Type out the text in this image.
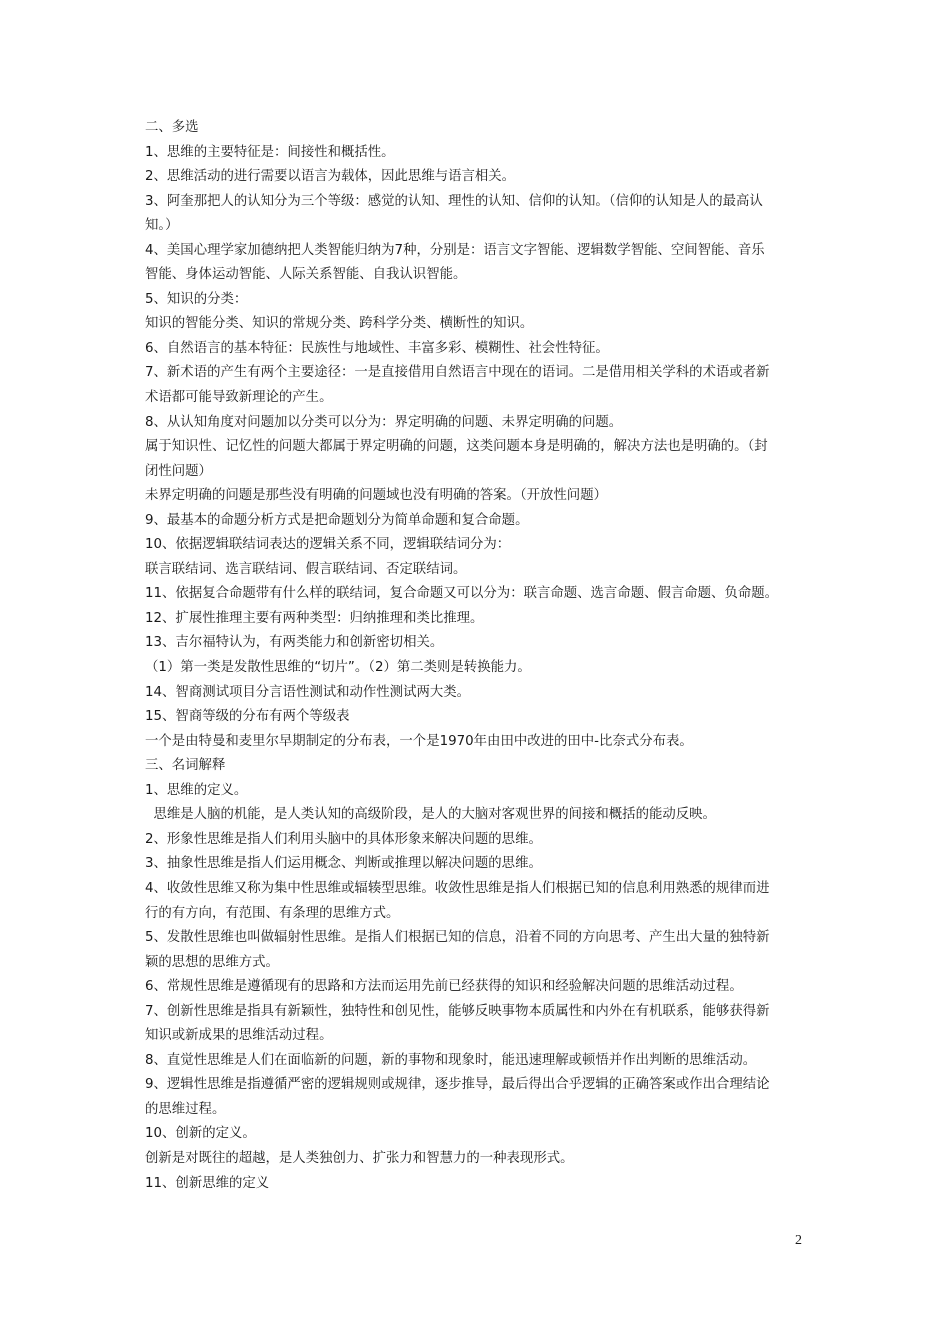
二、多选
1、思维的主要特征是：间接性和概括性。
2、思维活动的进行需要以语言为载体，因此思维与语言相关。
3、阿奎那把人的认知分为三个等级：感觉的认知、理性的认知、信仰的认知。（信仰的认知是人的最高认
知。）
4、美国心理学家加德纳把人类智能归纳为7种，分别是：语言文字智能、逻辑数学智能、空间智能、音乐
智能、身体运动智能、人际关系智能、自我认识智能。
5、知识的分类：
知识的智能分类、知识的常规分类、跨科学分类、横断性的知识。
6、自然语言的基本特征：民族性与地域性、丰富多彩、模糊性、社会性特征。
7、新术语的产生有两个主要途径：一是直接借用自然语言中现在的语词。二是借用相关学科的术语或者新
术语都可能导致新理论的产生。
8、从认知角度对问题加以分类可以分为：界定明确的问题、未界定明确的问题。
属于知识性、记忆性的问题大都属于界定明确的问题，这类问题本身是明确的，解决方法也是明确的。（封
闭性问题）
未界定明确的问题是那些没有明确的问题域也没有明确的答案。（开放性问题）
9、最基本的命题分析方式是把命题划分为简单命题和复合命题。
10、依据逻辑联结词表达的逻辑关系不同，逻辑联结词分为：
联言联结词、选言联结词、假言联结词、否定联结词。
11、依据复合命题带有什么样的联结词，复合命题又可以分为：联言命题、选言命题、假言命题、负命题。
12、扩展性推理主要有两种类型：归纳推理和类比推理。
13、吉尔福特认为，有两类能力和创新密切相关。
（1）第一类是发散性思维的“切片”。（2）第二类则是转换能力。
14、智商测试项目分言语性测试和动作性测试两大类。
15、智商等级的分布有两个等级表
一个是由特曼和麦里尔早期制定的分布表，一个是1970年由田中改进的田中-比奈式分布表。
三、名词解释
1、思维的定义。
思维是人脑的机能，是人类认知的高级阶段，是人的大脑对客观世界的间接和概括的能动反映。
2、形象性思维是指人们利用头脑中的具体形象来解决问题的思维。
3、抽象性思维是指人们运用概念、判断或推理以解决问题的思维。
4、收敛性思维又称为集中性思维或辐辏型思维。收敛性思维是指人们根据已知的信息利用熟悉的规律而进
行的有方向，有范围、有条理的思维方式。
5、发散性思维也叫做辐射性思维。是指人们根据已知的信息，沿着不同的方向思考、产生出大量的独特新
颖的思想的思维方式。
6、常规性思维是遵循现有的思路和方法而运用先前已经获得的知识和经验解决问题的思维活动过程。
7、创新性思维是指具有新颖性，独特性和创见性，能够反映事物本质属性和内外在有机联系，能够获得新
知识或新成果的思维活动过程。
8、直觉性思维是人们在面临新的问题，新的事物和现象时，能迅速理解或顿悟并作出判断的思维活动。
9、逻辑性思维是指遵循严密的逻辑规则或规律，逐步推导，最后得出合乎逻辑的正确答案或作出合理结论
的思维过程。
10、创新的定义。
创新是对既往的超越，是人类独创力、扩张力和智慧力的一种表现形式。
11、创新思维的定义
2
